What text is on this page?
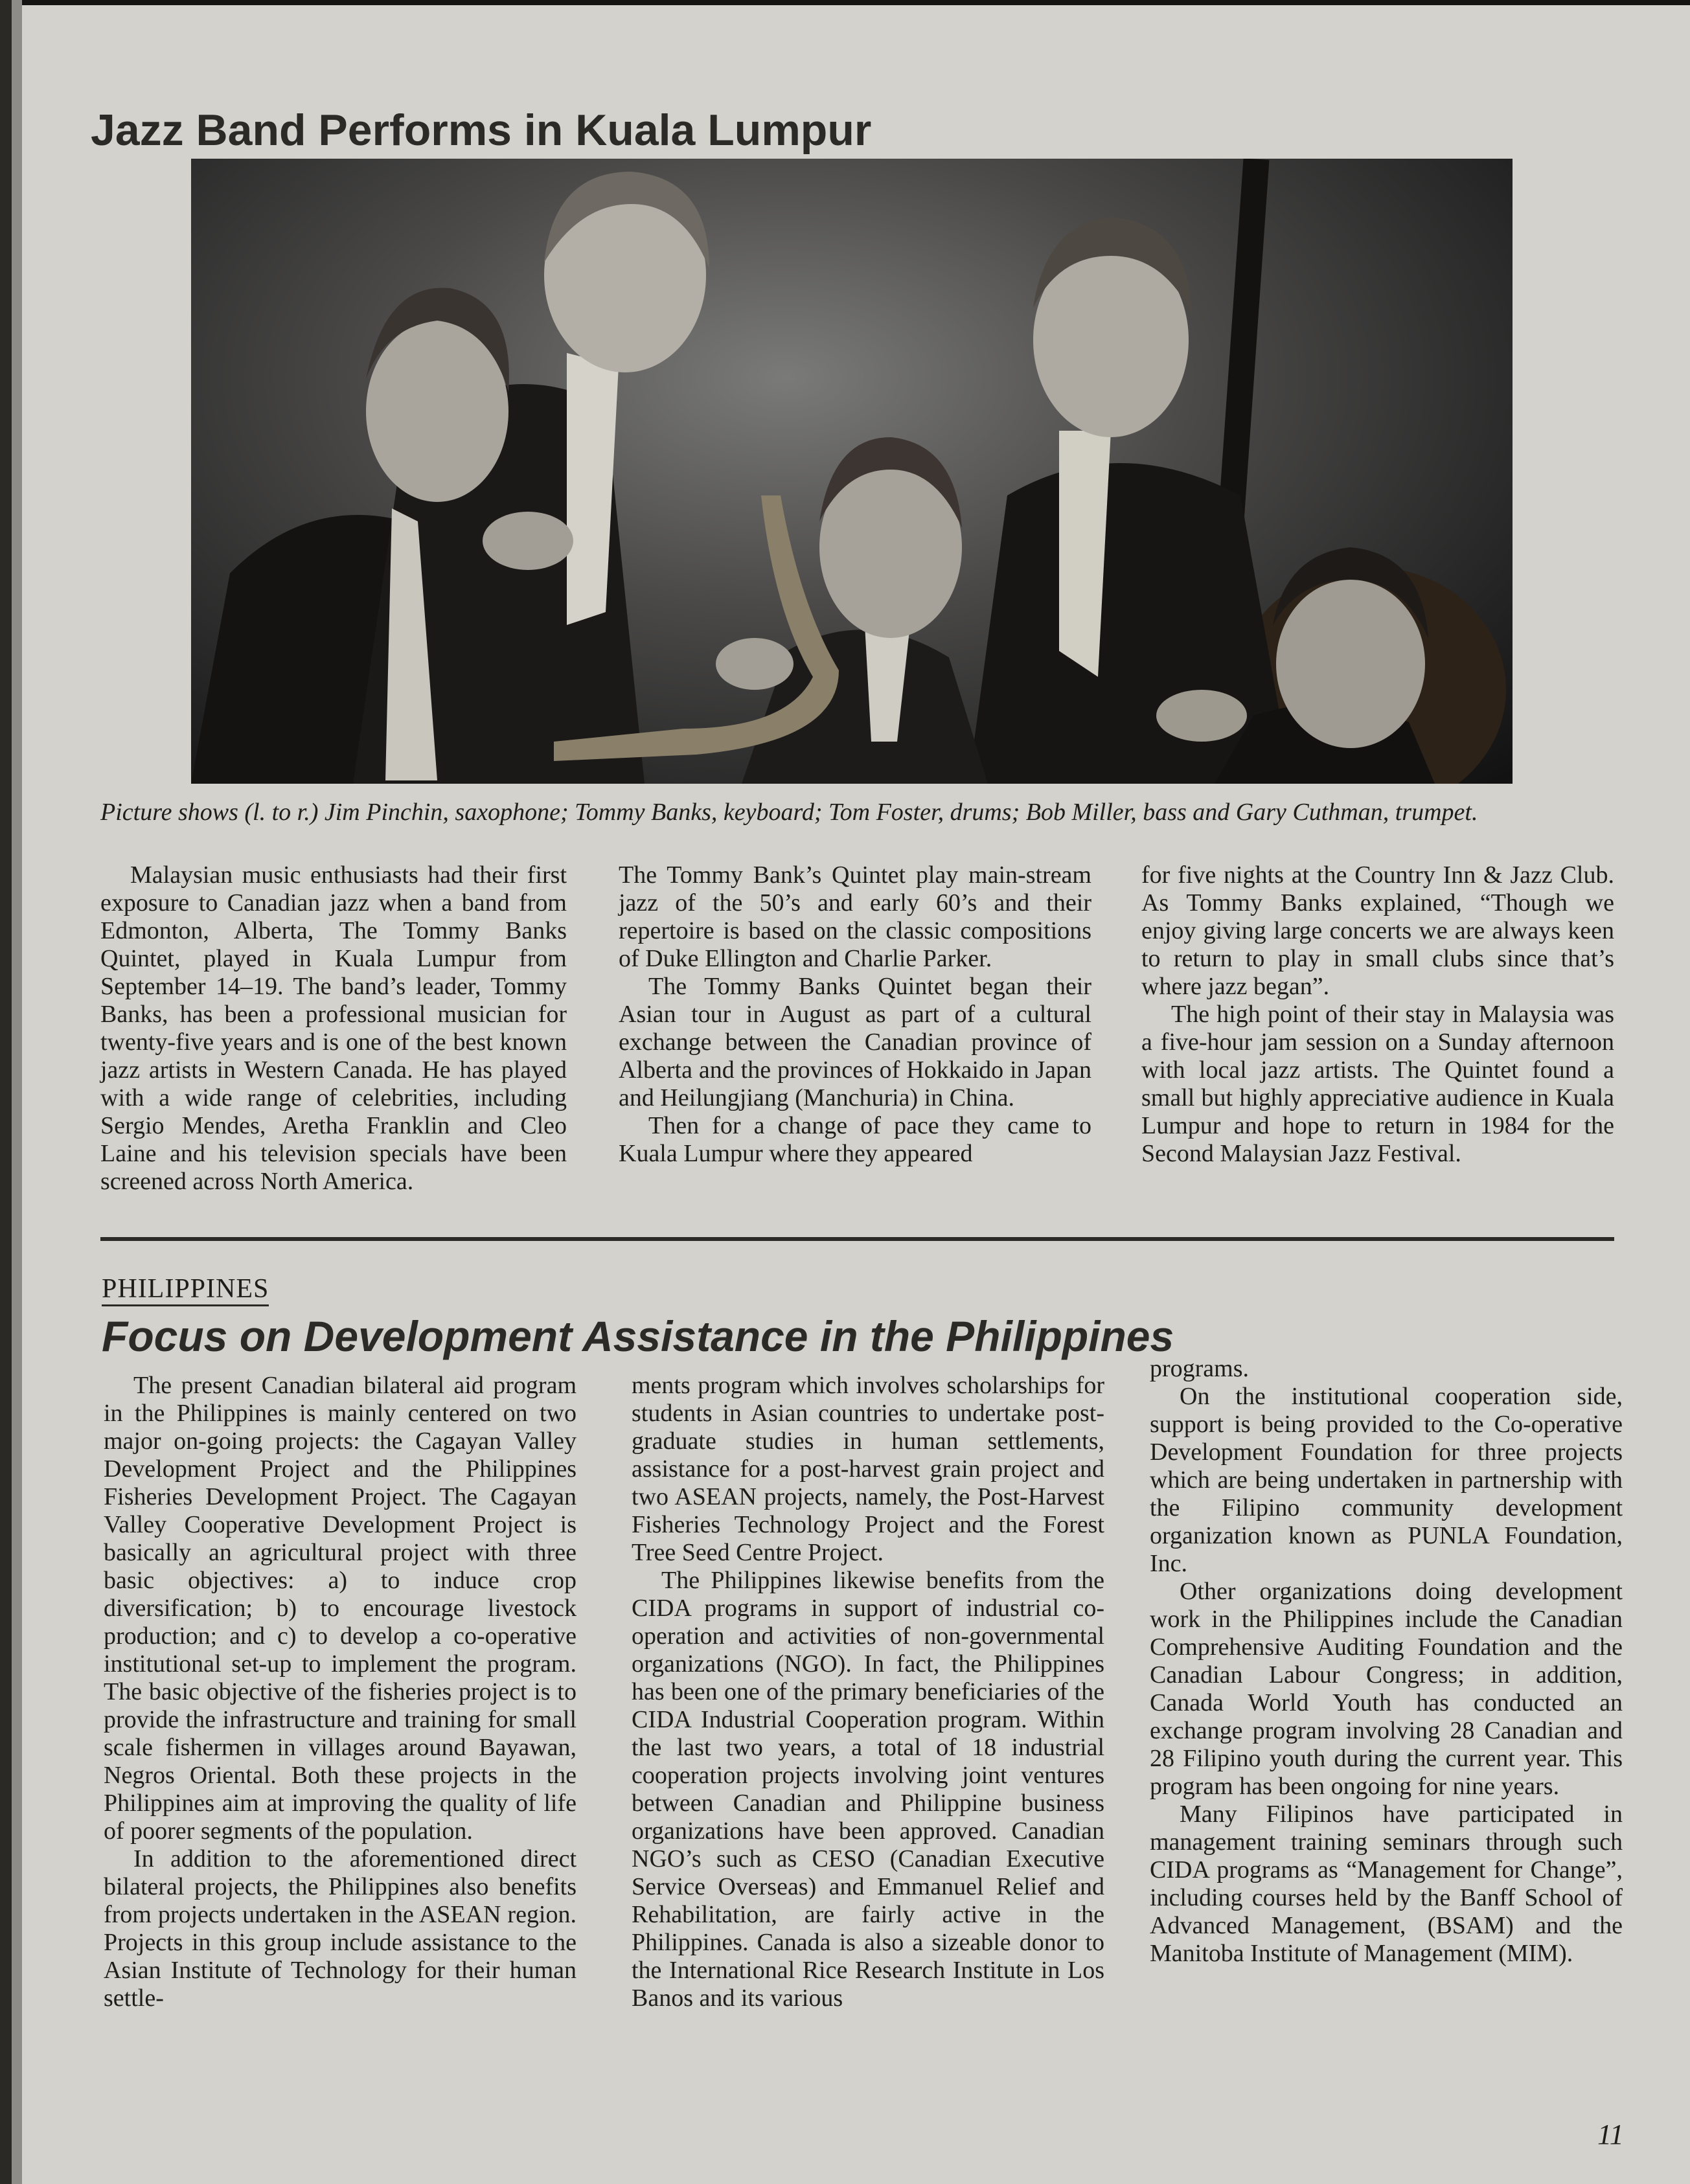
Jazz Band Performs in Kuala Lumpur

Picture shows (l. to r.) Jim Pinchin, saxophone; Tommy Banks, keyboard; Tom Foster, drums; Bob Miller, bass and Gary Cuthman, trumpet.

Malaysian music enthusiasts had their first exposure to Canadian jazz when a band from Edmonton, Alberta, The Tommy Banks Quintet, played in Kuala Lumpur from September 14–19. The band’s leader, Tommy Banks, has been a professional musician for twenty-five years and is one of the best known jazz artists in Western Canada. He has played with a wide range of celebrities, including Sergio Mendes, Aretha Franklin and Cleo Laine and his television specials have been screened across North America.

The Tommy Bank’s Quintet play main-stream jazz of the 50’s and early 60’s and their repertoire is based on the classic compositions of Duke Ellington and Charlie Parker.

The Tommy Banks Quintet began their Asian tour in August as part of a cultural exchange between the Canadian province of Alberta and the provinces of Hokkaido in Japan and Heilungjiang (Manchuria) in China.

Then for a change of pace they came to Kuala Lumpur where they appeared

for five nights at the Country Inn & Jazz Club. As Tommy Banks explained, “Though we enjoy giving large concerts we are always keen to return to play in small clubs since that’s where jazz began”.

The high point of their stay in Malaysia was a five-hour jam session on a Sunday afternoon with local jazz artists. The Quintet found a small but highly appreciative audience in Kuala Lumpur and hope to return in 1984 for the Second Malaysian Jazz Festival.

PHILIPPINES

Focus on Development Assistance in the Philippines

The present Canadian bilateral aid program in the Philippines is mainly centered on two major on-going projects: the Cagayan Valley Development Project and the Philippines Fisheries Development Project. The Cagayan Valley Cooperative Development Project is basically an agricultural project with three basic objectives: a) to induce crop diversification; b) to encourage livestock production; and c) to develop a co-operative institutional set-up to implement the program. The basic objective of the fisheries project is to provide the infrastructure and training for small scale fishermen in villages around Bayawan, Negros Oriental. Both these projects in the Philippines aim at improving the quality of life of poorer segments of the population.

In addition to the aforementioned direct bilateral projects, the Philippines also benefits from projects undertaken in the ASEAN region. Projects in this group include assistance to the Asian Institute of Technology for their human settle-

ments program which involves scholarships for students in Asian countries to undertake post-graduate studies in human settlements, assistance for a post-harvest grain project and two ASEAN projects, namely, the Post-Harvest Fisheries Technology Project and the Forest Tree Seed Centre Project.

The Philippines likewise benefits from the CIDA programs in support of industrial co-operation and activities of non-governmental organizations (NGO). In fact, the Philippines has been one of the primary beneficiaries of the CIDA Industrial Cooperation program. Within the last two years, a total of 18 industrial cooperation projects involving joint ventures between Canadian and Philippine business organizations have been approved. Canadian NGO’s such as CESO (Canadian Executive Service Overseas) and Emmanuel Relief and Rehabilitation, are fairly active in the Philippines. Canada is also a sizeable donor to the International Rice Research Institute in Los Banos and its various

programs.

On the institutional cooperation side, support is being provided to the Co-operative Development Foundation for three projects which are being undertaken in partnership with the Filipino community development organization known as PUNLA Foundation, Inc.

Other organizations doing development work in the Philippines include the Canadian Comprehensive Auditing Foundation and the Canadian Labour Congress; in addition, Canada World Youth has conducted an exchange program involving 28 Canadian and 28 Filipino youth during the current year. This program has been ongoing for nine years.

Many Filipinos have participated in management training seminars through such CIDA programs as “Management for Change”, including courses held by the Banff School of Advanced Management, (BSAM) and the Manitoba Institute of Management (MIM).

11
